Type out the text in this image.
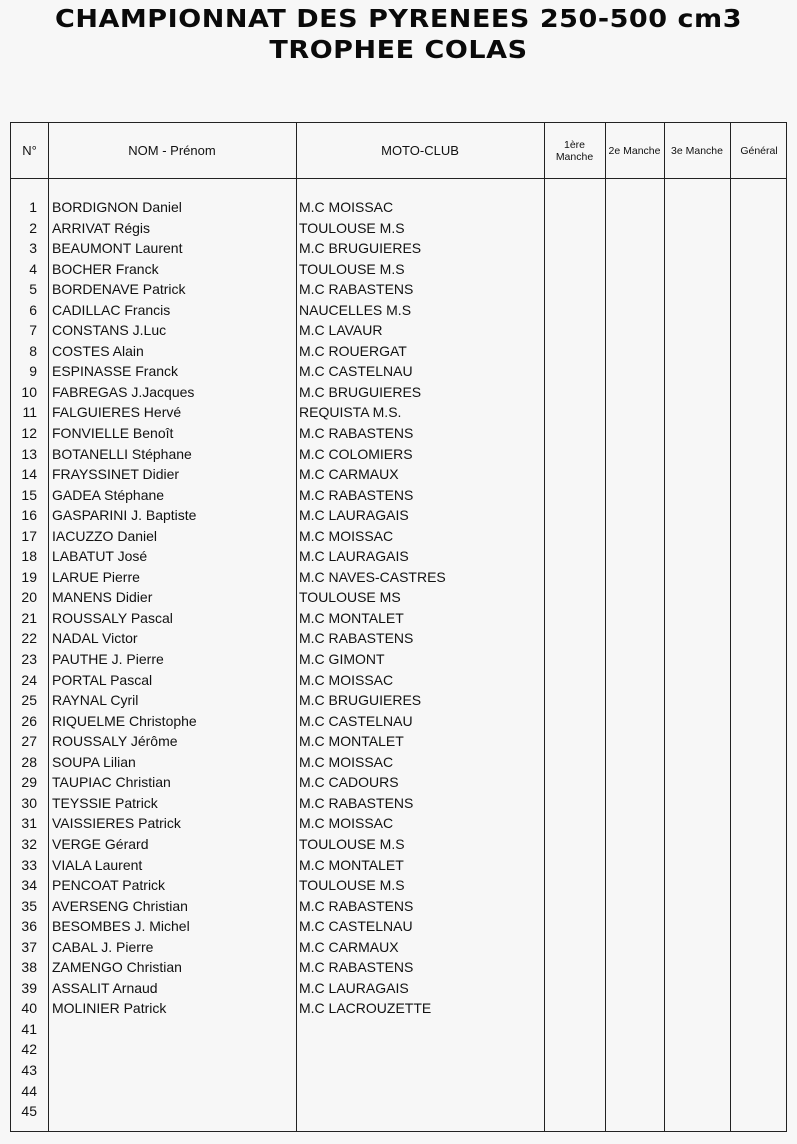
CHAMPIONNAT DES PYRENEES 250-500 cm3
TROPHEE COLAS
N°	NOM - Prénom	MOTO-CLUB	1ère Manche	2e Manche	3e Manche	Général
1 BORDIGNON Daniel	M.C MOISSAC
2 ARRIVAT Régis	TOULOUSE M.S
3 BEAUMONT Laurent	M.C BRUGUIERES
4 BOCHER Franck	TOULOUSE M.S
5 BORDENAVE Patrick	M.C RABASTENS
6 CADILLAC Francis	NAUCELLES M.S
7 CONSTANS J.Luc	M.C LAVAUR
8 COSTES Alain	M.C ROUERGAT
9 ESPINASSE Franck	M.C CASTELNAU
10 FABREGAS J.Jacques	M.C BRUGUIERES
11 FALGUIERES Hervé	REQUISTA M.S.
12 FONVIELLE Benoît	M.C RABASTENS
13 BOTANELLI Stéphane	M.C COLOMIERS
14 FRAYSSINET Didier	M.C CARMAUX
15 GADEA Stéphane	M.C RABASTENS
16 GASPARINI J. Baptiste	M.C LAURAGAIS
17 IACUZZO Daniel	M.C MOISSAC
18 LABATUT José	M.C LAURAGAIS
19 LARUE Pierre	M.C NAVES-CASTRES
20 MANENS Didier	TOULOUSE MS
21 ROUSSALY Pascal	M.C MONTALET
22 NADAL Victor	M.C RABASTENS
23 PAUTHE J. Pierre	M.C GIMONT
24 PORTAL Pascal	M.C MOISSAC
25 RAYNAL Cyril	M.C BRUGUIERES
26 RIQUELME Christophe	M.C CASTELNAU
27 ROUSSALY Jérôme	M.C MONTALET
28 SOUPA Lilian	M.C MOISSAC
29 TAUPIAC Christian	M.C CADOURS
30 TEYSSIE Patrick	M.C RABASTENS
31 VAISSIERES Patrick	M.C MOISSAC
32 VERGE Gérard	TOULOUSE M.S
33 VIALA Laurent	M.C MONTALET
34 PENCOAT Patrick	TOULOUSE M.S
35 AVERSENG Christian	M.C RABASTENS
36 BESOMBES J. Michel	M.C CASTELNAU
37 CABAL J. Pierre	M.C CARMAUX
38 ZAMENGO Christian	M.C RABASTENS
39 ASSALIT Arnaud	M.C LAURAGAIS
40 MOLINIER Patrick	M.C LACROUZETTE
41
42
43
44
45
